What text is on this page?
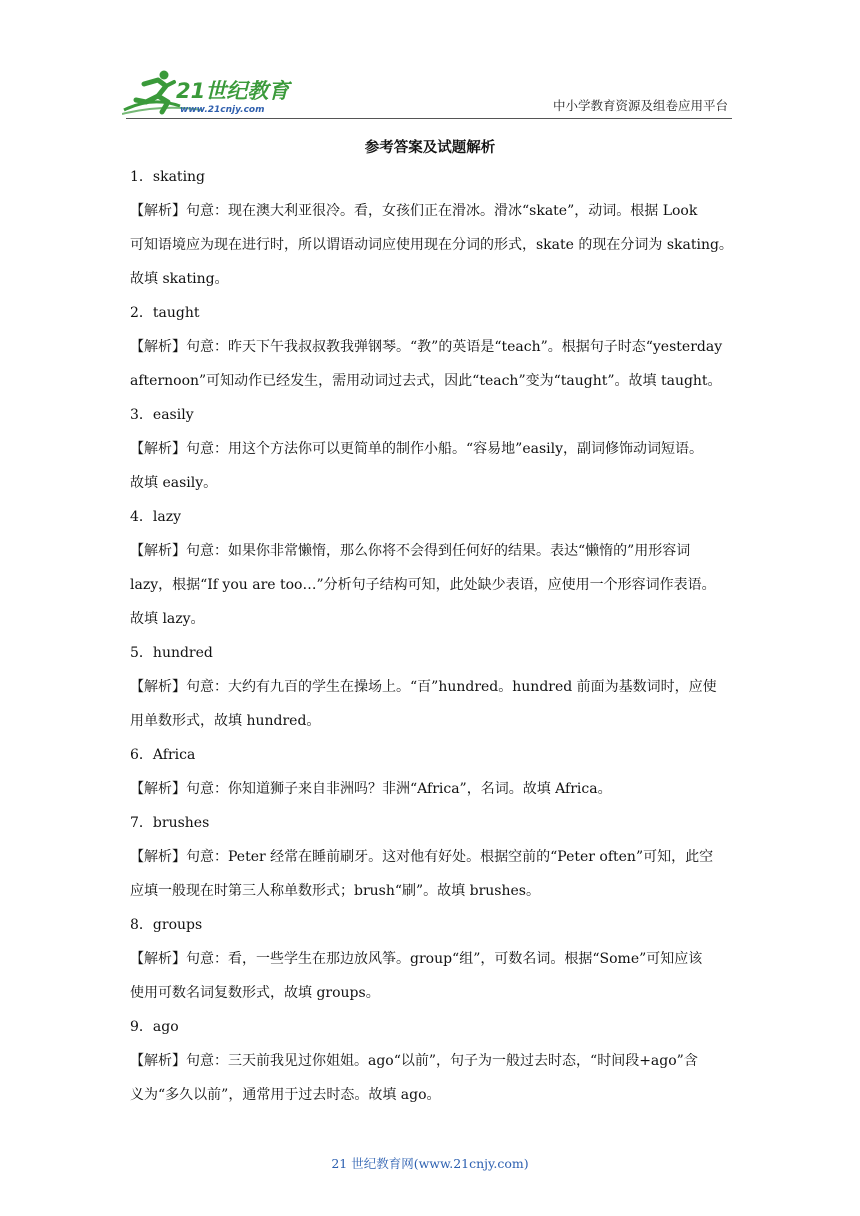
21世纪教育
www.21cnjy.com	中小学教育资源及组卷应用平台
参考答案及试题解析
1．skating

【解析】句意：现在澳大利亚很冷。看，女孩们正在滑冰。滑冰“skate”，动词。根据 Look

可知语境应为现在进行时，所以谓语动词应使用现在分词的形式，skate 的现在分词为 skating。

故填 skating。

2．taught

【解析】句意：昨天下午我叔叔教我弹钢琴。“教”的英语是“teach”。根据句子时态“yesterday

afternoon”可知动作已经发生，需用动词过去式，因此“teach”变为“taught”。故填 taught。

3．easily

【解析】句意：用这个方法你可以更简单的制作小船。“容易地”easily，副词修饰动词短语。

故填 easily。

4．lazy

【解析】句意：如果你非常懒惰，那么你将不会得到任何好的结果。表达“懒惰的”用形容词

lazy，根据“If you are too…”分析句子结构可知，此处缺少表语，应使用一个形容词作表语。

故填 lazy。

5．hundred

【解析】句意：大约有九百的学生在操场上。“百”hundred。hundred 前面为基数词时，应使

用单数形式，故填 hundred。

6．Africa

【解析】句意：你知道狮子来自非洲吗？非洲“Africa”，名词。故填 Africa。

7．brushes

【解析】句意：Peter 经常在睡前刷牙。这对他有好处。根据空前的“Peter often”可知，此空

应填一般现在时第三人称单数形式；brush“刷”。故填 brushes。

8．groups

【解析】句意：看，一些学生在那边放风筝。group“组”，可数名词。根据“Some”可知应该

使用可数名词复数形式，故填 groups。

9．ago

【解析】句意：三天前我见过你姐姐。ago“以前”，句子为一般过去时态，“时间段+ago”含

义为“多久以前”，通常用于过去时态。故填 ago。

21 世纪教育网(www.21cnjy.com)
